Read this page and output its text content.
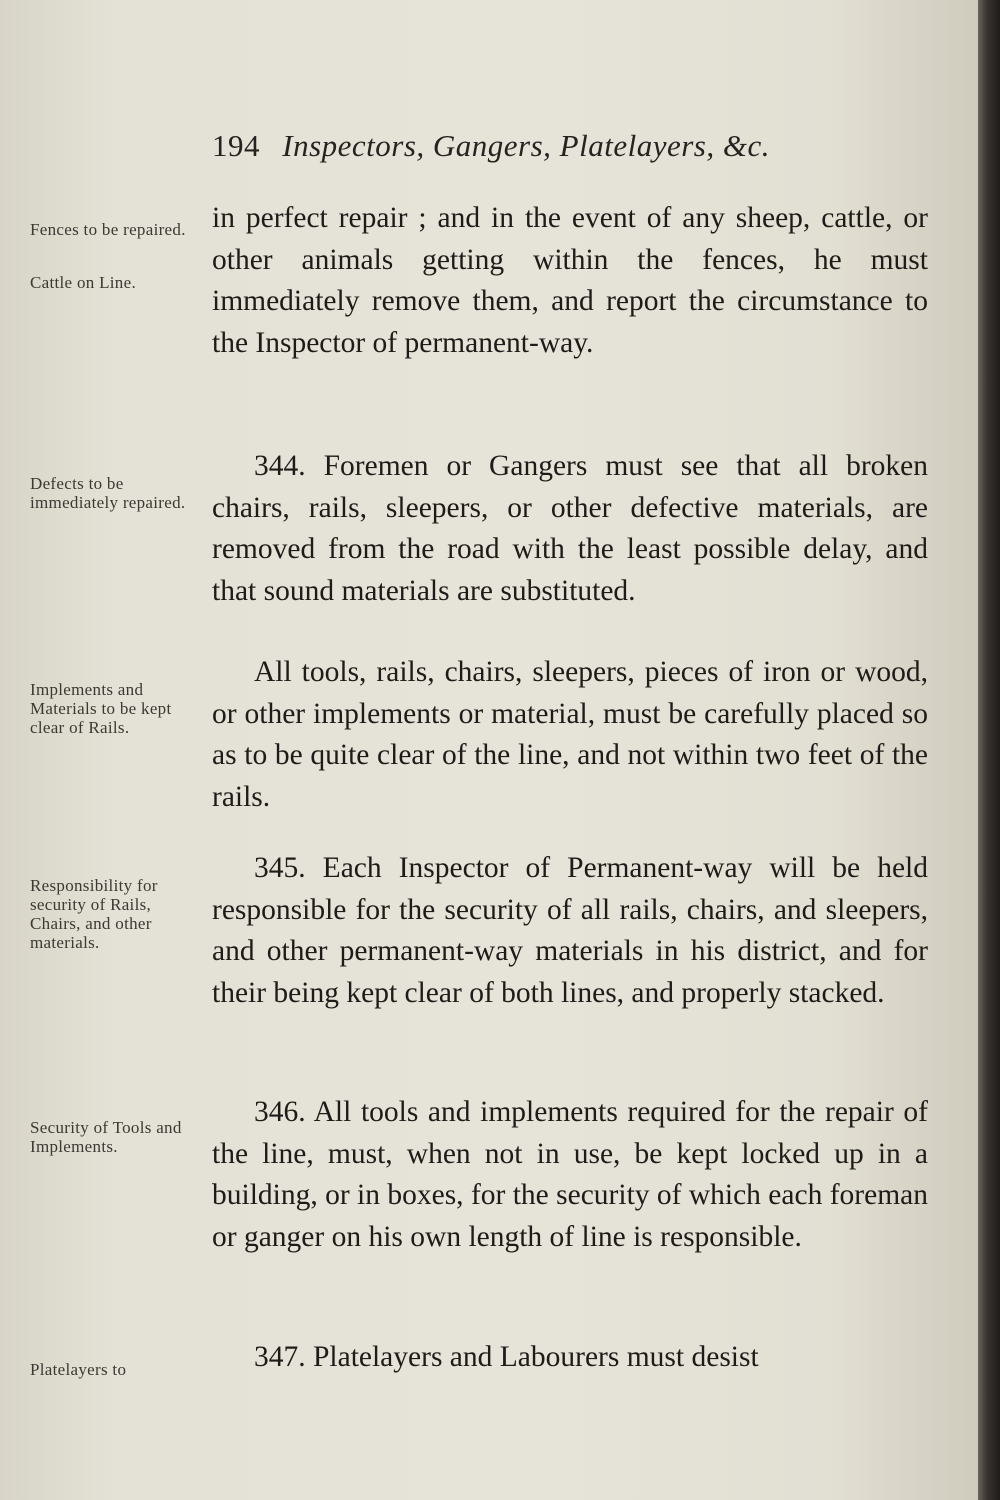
194 Inspectors, Gangers, Platelayers, &c.
Fences to be repaired.
Cattle on Line.
Defects to be immediately repaired.
Implements and Materials to be kept clear of Rails.
Responsibility for security of Rails, Chairs, and other materials.
Security of Tools and Implements.
Platelayers to

in perfect repair ; and in the event of any sheep, cattle, or other animals getting within the fences, he must immediately remove them, and report the circumstance to the Inspector of permanent-way.

344. Foremen or Gangers must see that all broken chairs, rails, sleepers, or other defective materials, are removed from the road with the least possible delay, and that sound materials are substituted.

All tools, rails, chairs, sleepers, pieces of iron or wood, or other implements or material, must be carefully placed so as to be quite clear of the line, and not within two feet of the rails.

345. Each Inspector of Permanent-way will be held responsible for the security of all rails, chairs, and sleepers, and other permanent-way materials in his district, and for their being kept clear of both lines, and properly stacked.

346. All tools and implements required for the repair of the line, must, when not in use, be kept locked up in a building, or in boxes, for the security of which each foreman or ganger on his own length of line is responsible.

347. Platelayers and Labourers must desist
